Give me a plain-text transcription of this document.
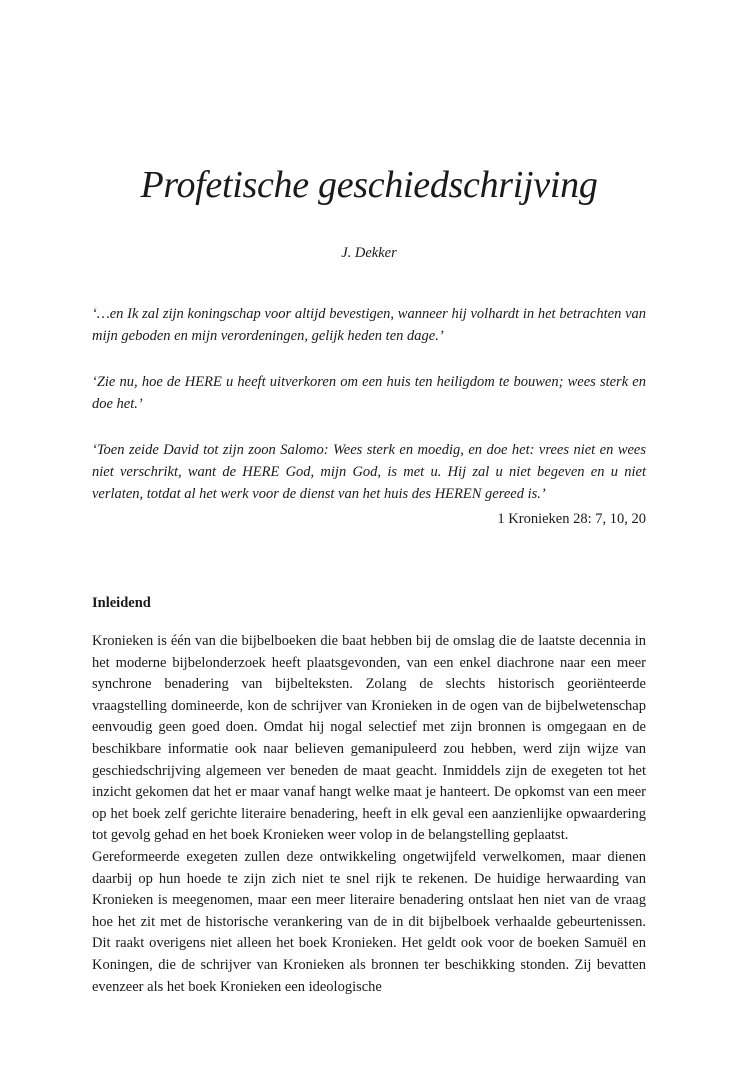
Profetische geschiedschrijving
J. Dekker

‘…en Ik zal zijn koningschap voor altijd bevestigen, wanneer hij volhardt in het betrachten van mijn geboden en mijn verordeningen, gelijk heden ten dage.’

‘Zie nu, hoe de HERE u heeft uitverkoren om een huis ten heiligdom te bouwen; wees sterk en doe het.’

‘Toen zeide David tot zijn zoon Salomo: Wees sterk en moedig, en doe het: vrees niet en wees niet verschrikt, want de HERE God, mijn God, is met u. Hij zal u niet begeven en u niet verlaten, totdat al het werk voor de dienst van het huis des HEREN gereed is.’

1 Kronieken 28: 7, 10, 20
Inleidend

Kronieken is één van die bijbelboeken die baat hebben bij de omslag die de laatste decennia in het moderne bijbelonderzoek heeft plaatsgevonden, van een enkel diachrone naar een meer synchrone benadering van bijbelteksten. Zolang de slechts historisch georiënteerde vraagstelling domineerde, kon de schrijver van Kronieken in de ogen van de bijbelwetenschap eenvoudig geen goed doen. Omdat hij nogal selectief met zijn bronnen is omgegaan en de beschikbare informatie ook naar believen gemanipuleerd zou hebben, werd zijn wijze van geschiedschrijving algemeen ver beneden de maat geacht. Inmiddels zijn de exegeten tot het inzicht gekomen dat het er maar vanaf hangt welke maat je hanteert. De opkomst van een meer op het boek zelf gerichte literaire benadering, heeft in elk geval een aanzienlijke opwaardering tot gevolg gehad en het boek Kronieken weer volop in de belangstelling geplaatst.

Gereformeerde exegeten zullen deze ontwikkeling ongetwijfeld verwelkomen, maar dienen daarbij op hun hoede te zijn zich niet te snel rijk te rekenen. De huidige herwaarding van Kronieken is meegenomen, maar een meer literaire benadering ontslaat hen niet van de vraag hoe het zit met de historische verankering van de in dit bijbelboek verhaalde gebeurtenissen. Dit raakt overigens niet alleen het boek Kronieken. Het geldt ook voor de boeken Samuël en Koningen, die de schrijver van Kronieken als bronnen ter beschikking stonden. Zij bevatten evenzeer als het boek Kronieken een ideologische
